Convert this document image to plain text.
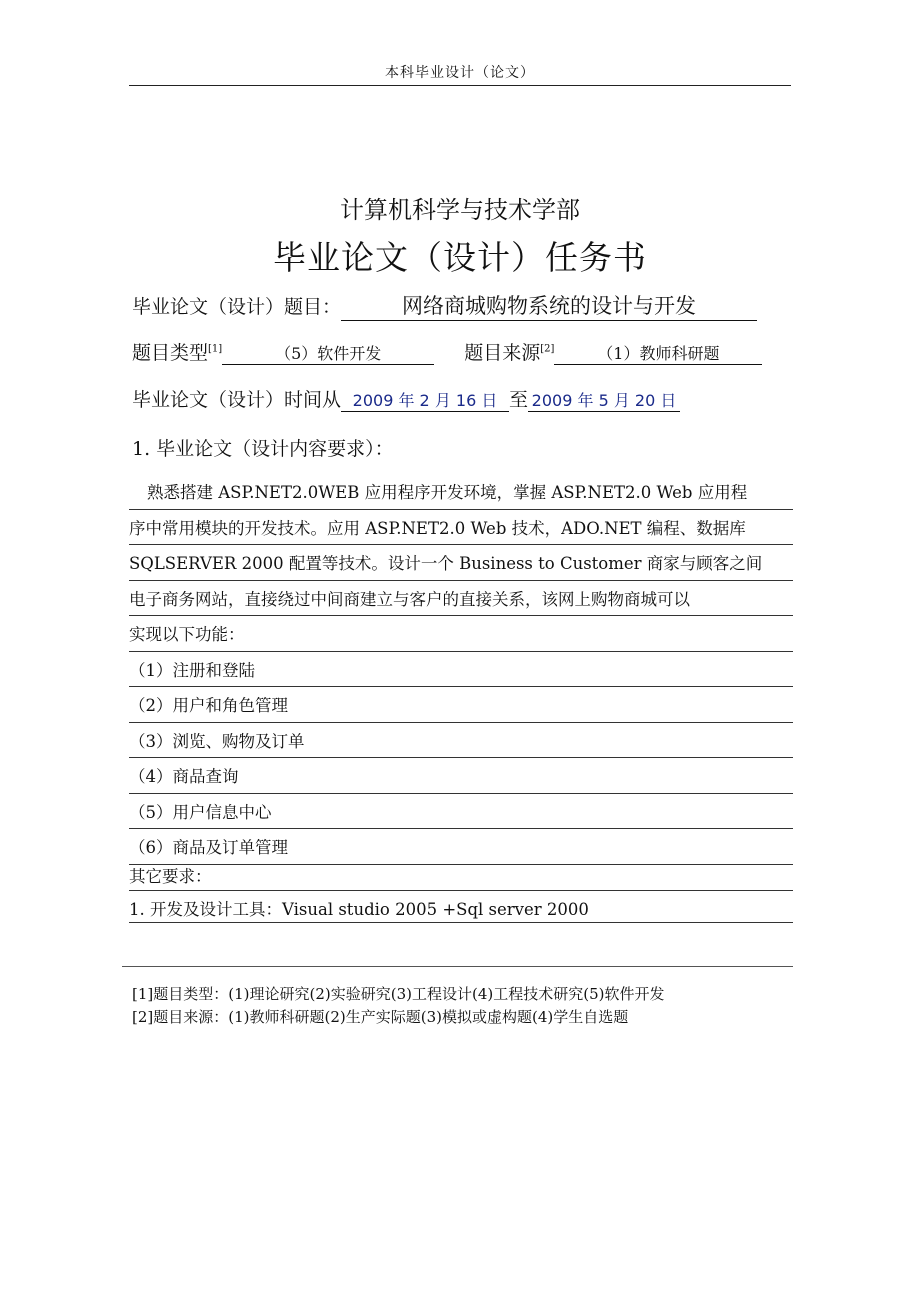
本科毕业设计（论文）
计算机科学与技术学部
毕业论文（设计）任务书
毕业论文（设计）题目：	网络商城购物系统的设计与开发
题目类型[1]	（5）软件开发	题目来源[2]	（1）教师科研题
毕业论文（设计）时间从 2009 年 2 月 16 日 至 2009 年 5 月 20 日
1. 毕业论文（设计内容要求）：
熟悉搭建 ASP.NET2.0WEB 应用程序开发环境，掌握 ASP.NET2.0 Web 应用程
序中常用模块的开发技术。应用 ASP.NET2.0 Web 技术，ADO.NET 编程、数据库
SQLSERVER 2000 配置等技术。设计一个 Business to Customer 商家与顾客之间
电子商务网站，直接绕过中间商建立与客户的直接关系，该网上购物商城可以
实现以下功能：
（1）注册和登陆
（2）用户和角色管理
（3）浏览、购物及订单
（4）商品查询
（5）用户信息中心
（6）商品及订单管理
其它要求：
1. 开发及设计工具：Visual studio 2005 +Sql server 2000
[1]题目类型：(1)理论研究(2)实验研究(3)工程设计(4)工程技术研究(5)软件开发
[2]题目来源：(1)教师科研题(2)生产实际题(3)模拟或虚构题(4)学生自选题
